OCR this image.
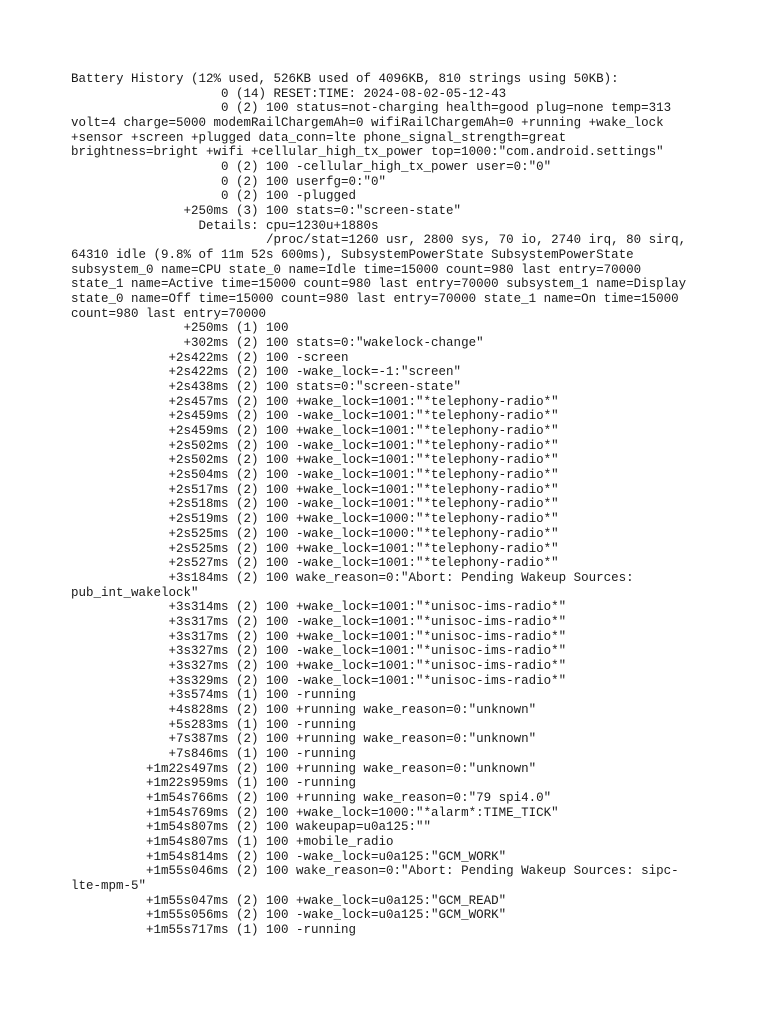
Battery History (12% used, 526KB used of 4096KB, 810 strings using 50KB):
0 (14) RESET:TIME: 2024-08-02-05-12-43
0 (2) 100 status=not-charging health=good plug=none temp=313
volt=4 charge=5000 modemRailChargemAh=0 wifiRailChargemAh=0 +running +wake_lock
+sensor +screen +plugged data_conn=lte phone_signal_strength=great
brightness=bright +wifi +cellular_high_tx_power top=1000:"com.android.settings"
0 (2) 100 -cellular_high_tx_power user=0:"0"
0 (2) 100 userfg=0:"0"
0 (2) 100 -plugged
+250ms (3) 100 stats=0:"screen-state"
Details: cpu=1230u+1880s
/proc/stat=1260 usr, 2800 sys, 70 io, 2740 irq, 80 sirq,
64310 idle (9.8% of 11m 52s 600ms), SubsystemPowerState SubsystemPowerState
subsystem_0 name=CPU state_0 name=Idle time=15000 count=980 last entry=70000
state_1 name=Active time=15000 count=980 last entry=70000 subsystem_1 name=Display
state_0 name=Off time=15000 count=980 last entry=70000 state_1 name=On time=15000
count=980 last entry=70000
+250ms (1) 100
+302ms (2) 100 stats=0:"wakelock-change"
+2s422ms (2) 100 -screen
+2s422ms (2) 100 -wake_lock=-1:"screen"
+2s438ms (2) 100 stats=0:"screen-state"
+2s457ms (2) 100 +wake_lock=1001:"*telephony-radio*"
+2s459ms (2) 100 -wake_lock=1001:"*telephony-radio*"
+2s459ms (2) 100 +wake_lock=1001:"*telephony-radio*"
+2s502ms (2) 100 -wake_lock=1001:"*telephony-radio*"
+2s502ms (2) 100 +wake_lock=1001:"*telephony-radio*"
+2s504ms (2) 100 -wake_lock=1001:"*telephony-radio*"
+2s517ms (2) 100 +wake_lock=1001:"*telephony-radio*"
+2s518ms (2) 100 -wake_lock=1001:"*telephony-radio*"
+2s519ms (2) 100 +wake_lock=1000:"*telephony-radio*"
+2s525ms (2) 100 -wake_lock=1000:"*telephony-radio*"
+2s525ms (2) 100 +wake_lock=1001:"*telephony-radio*"
+2s527ms (2) 100 -wake_lock=1001:"*telephony-radio*"
+3s184ms (2) 100 wake_reason=0:"Abort: Pending Wakeup Sources:
pub_int_wakelock"
+3s314ms (2) 100 +wake_lock=1001:"*unisoc-ims-radio*"
+3s317ms (2) 100 -wake_lock=1001:"*unisoc-ims-radio*"
+3s317ms (2) 100 +wake_lock=1001:"*unisoc-ims-radio*"
+3s327ms (2) 100 -wake_lock=1001:"*unisoc-ims-radio*"
+3s327ms (2) 100 +wake_lock=1001:"*unisoc-ims-radio*"
+3s329ms (2) 100 -wake_lock=1001:"*unisoc-ims-radio*"
+3s574ms (1) 100 -running
+4s828ms (2) 100 +running wake_reason=0:"unknown"
+5s283ms (1) 100 -running
+7s387ms (2) 100 +running wake_reason=0:"unknown"
+7s846ms (1) 100 -running
+1m22s497ms (2) 100 +running wake_reason=0:"unknown"
+1m22s959ms (1) 100 -running
+1m54s766ms (2) 100 +running wake_reason=0:"79 spi4.0"
+1m54s769ms (2) 100 +wake_lock=1000:"*alarm*:TIME_TICK"
+1m54s807ms (2) 100 wakeupap=u0a125:""
+1m54s807ms (1) 100 +mobile_radio
+1m54s814ms (2) 100 -wake_lock=u0a125:"GCM_WORK"
+1m55s046ms (2) 100 wake_reason=0:"Abort: Pending Wakeup Sources: sipc-
lte-mpm-5"
+1m55s047ms (2) 100 +wake_lock=u0a125:"GCM_READ"
+1m55s056ms (2) 100 -wake_lock=u0a125:"GCM_WORK"
+1m55s717ms (1) 100 -running
